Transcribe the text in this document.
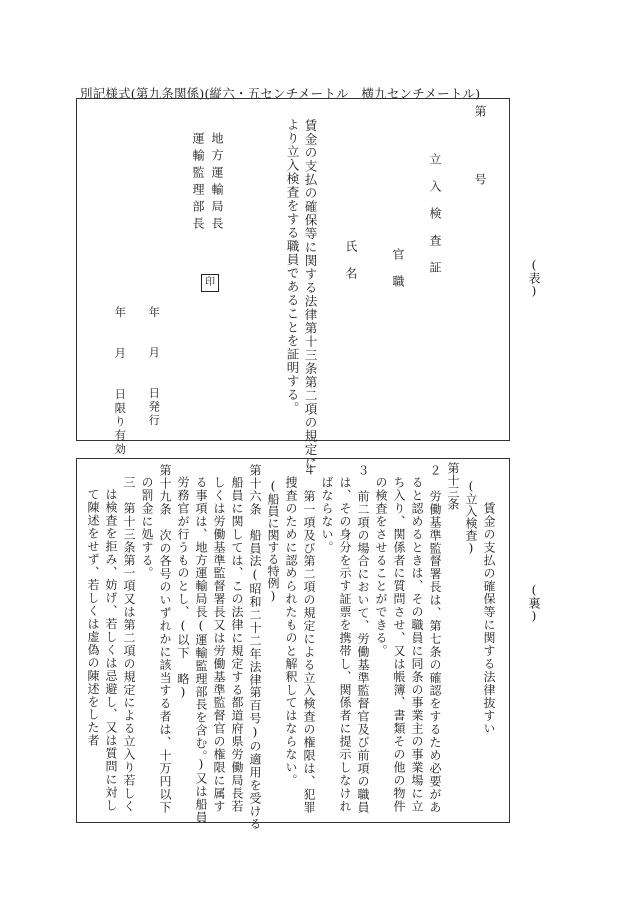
別記様式(第九条関係)(縦六・五センチメートル　横九センチメートル)
(表)
第　　　号
立入検査証
官職
氏名
賃金の支払の確保等に関する法律第十三条第二項の規定に
より立入検査をする職員であることを証明する。
地方運輸局長
運輸監理部長
印
年　　月　　日発行
年　　月　　日限り有効
(裏)
賃金の支払の確保等に関する法律抜すい
(立入検査)
第十三条
２　労働基準監督署長は、第七条の確認をするため必要があ
ると認めるときは、その職員に同条の事業主の事業場に立
ち入り、関係者に質問させ、又は帳簿、書類その他の物件
の検査をさせることができる。
３　前二項の場合において、労働基準監督官及び前項の職員
は、その身分を示す証票を携帯し、関係者に提示しなけれ
ばならない。
４　第一項及び第二項の規定による立入検査の権限は、犯罪
捜査のために認められたものと解釈してはならない。
(船員に関する特例)
第十六条　船員法(昭和二十二年法律第百号)の適用を受ける
船員に関しては、この法律に規定する都道府県労働局長若
しくは労働基準監督署長又は労働基準監督官の権限に属す
る事項は、地方運輸局長(運輸監理部長を含む。)又は船員
労務官が行うものとし、(以下　略)
第十九条　次の各号のいずれかに該当する者は、十万円以下
の罰金に処する。
三　第十三条第一項又は第二項の規定による立入り若しく
は検査を拒み、妨げ、若しくは忌避し、又は質問に対し
て陳述をせず、若しくは虚偽の陳述をした者
